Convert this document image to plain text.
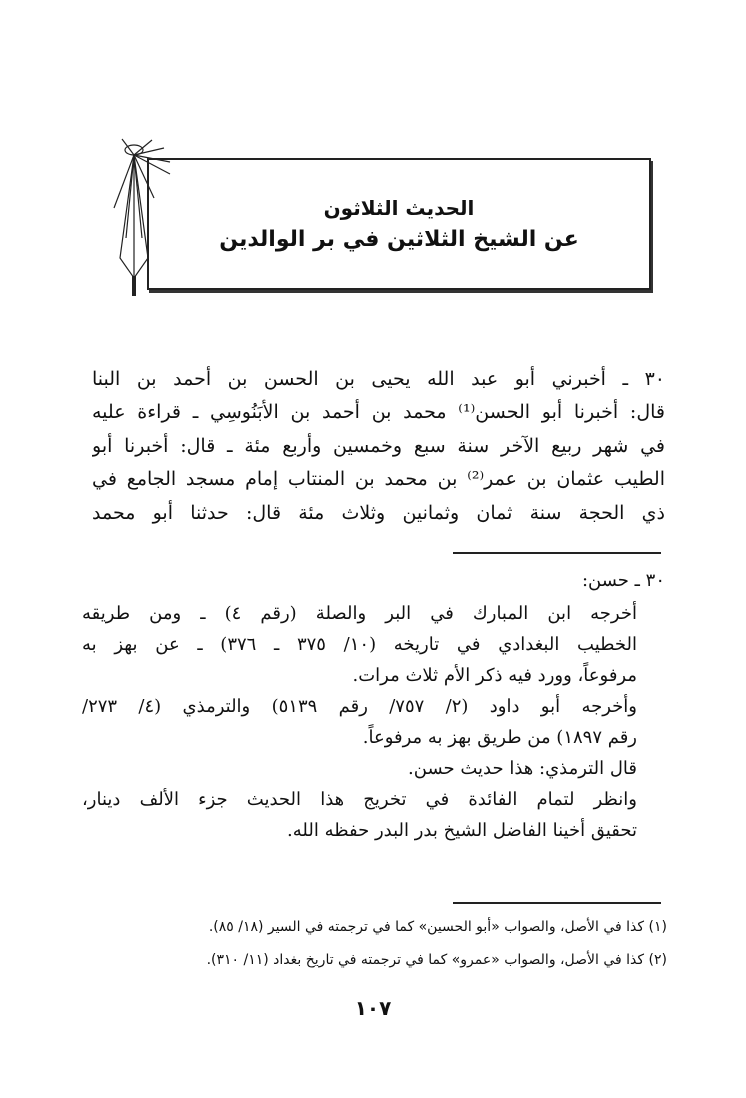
الحديث الثلاثون
عن الشيخ الثلاثين في بر الوالدين
٣٠ ـ أخبرني أبو عبد الله يحيى بن الحسن بن أحمد بن البنا
قال: أخبرنا أبو الحسن⁽¹⁾ محمد بن أحمد بن الأبَنُوسِي ـ قراءة عليه
في شهر ربيع الآخر سنة سبع وخمسين وأربع مئة ـ قال: أخبرنا أبو
الطيب عثمان بن عمر⁽²⁾ بن محمد بن المنتاب إمام مسجد الجامع في
ذي الحجة سنة ثمان وثمانين وثلاث مئة قال: حدثنا أبو محمد
٣٠ ـ حسن:
أخرجه ابن المبارك في البر والصلة (رقم ٤) ـ ومن طريقه
الخطيب البغدادي في تاريخه (١٠/ ٣٧٥ ـ ٣٧٦) ـ عن بهز به
مرفوعاً، وورد فيه ذكر الأم ثلاث مرات.
وأخرجه أبو داود (٢/ ٧٥٧/ رقم ٥١٣٩) والترمذي (٤/ ٢٧٣/
رقم ١٨٩٧) من طريق بهز به مرفوعاً.
قال الترمذي: هذا حديث حسن.
وانظر لتمام الفائدة في تخريج هذا الحديث جزء الألف دينار،
تحقيق أخينا الفاضل الشيخ بدر البدر حفظه الله.
(١) كذا في الأصل، والصواب «أبو الحسين» كما في ترجمته في السير (١٨/ ٨٥).
(٢) كذا في الأصل، والصواب «عمرو» كما في ترجمته في تاريخ بغداد (١١/ ٣١٠).
١٠٧
